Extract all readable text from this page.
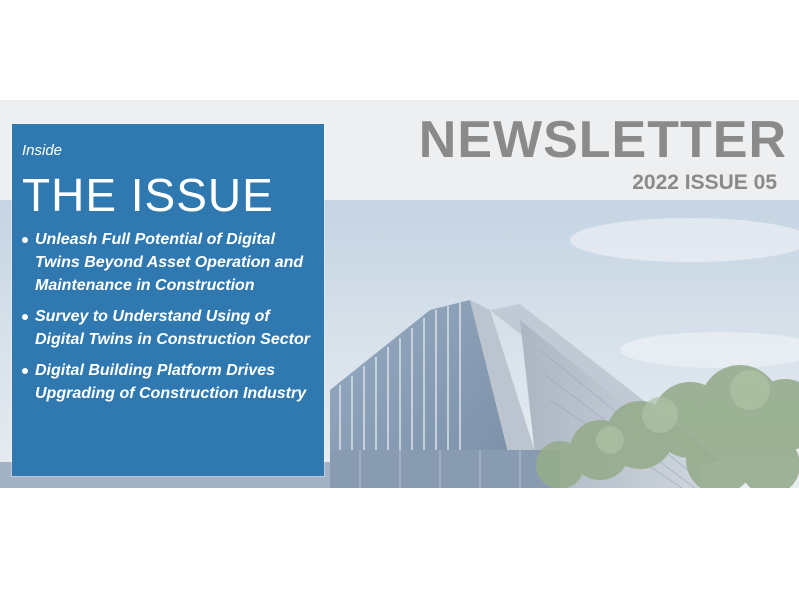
NEWSLETTER
2022 ISSUE 05
Inside
THE ISSUE
Unleash Full Potential of Digital Twins Beyond Asset Operation and Maintenance in Construction
Survey to Understand Using of Digital Twins in Construction Sector
Digital Building Platform Drives Upgrading of Construction Industry
